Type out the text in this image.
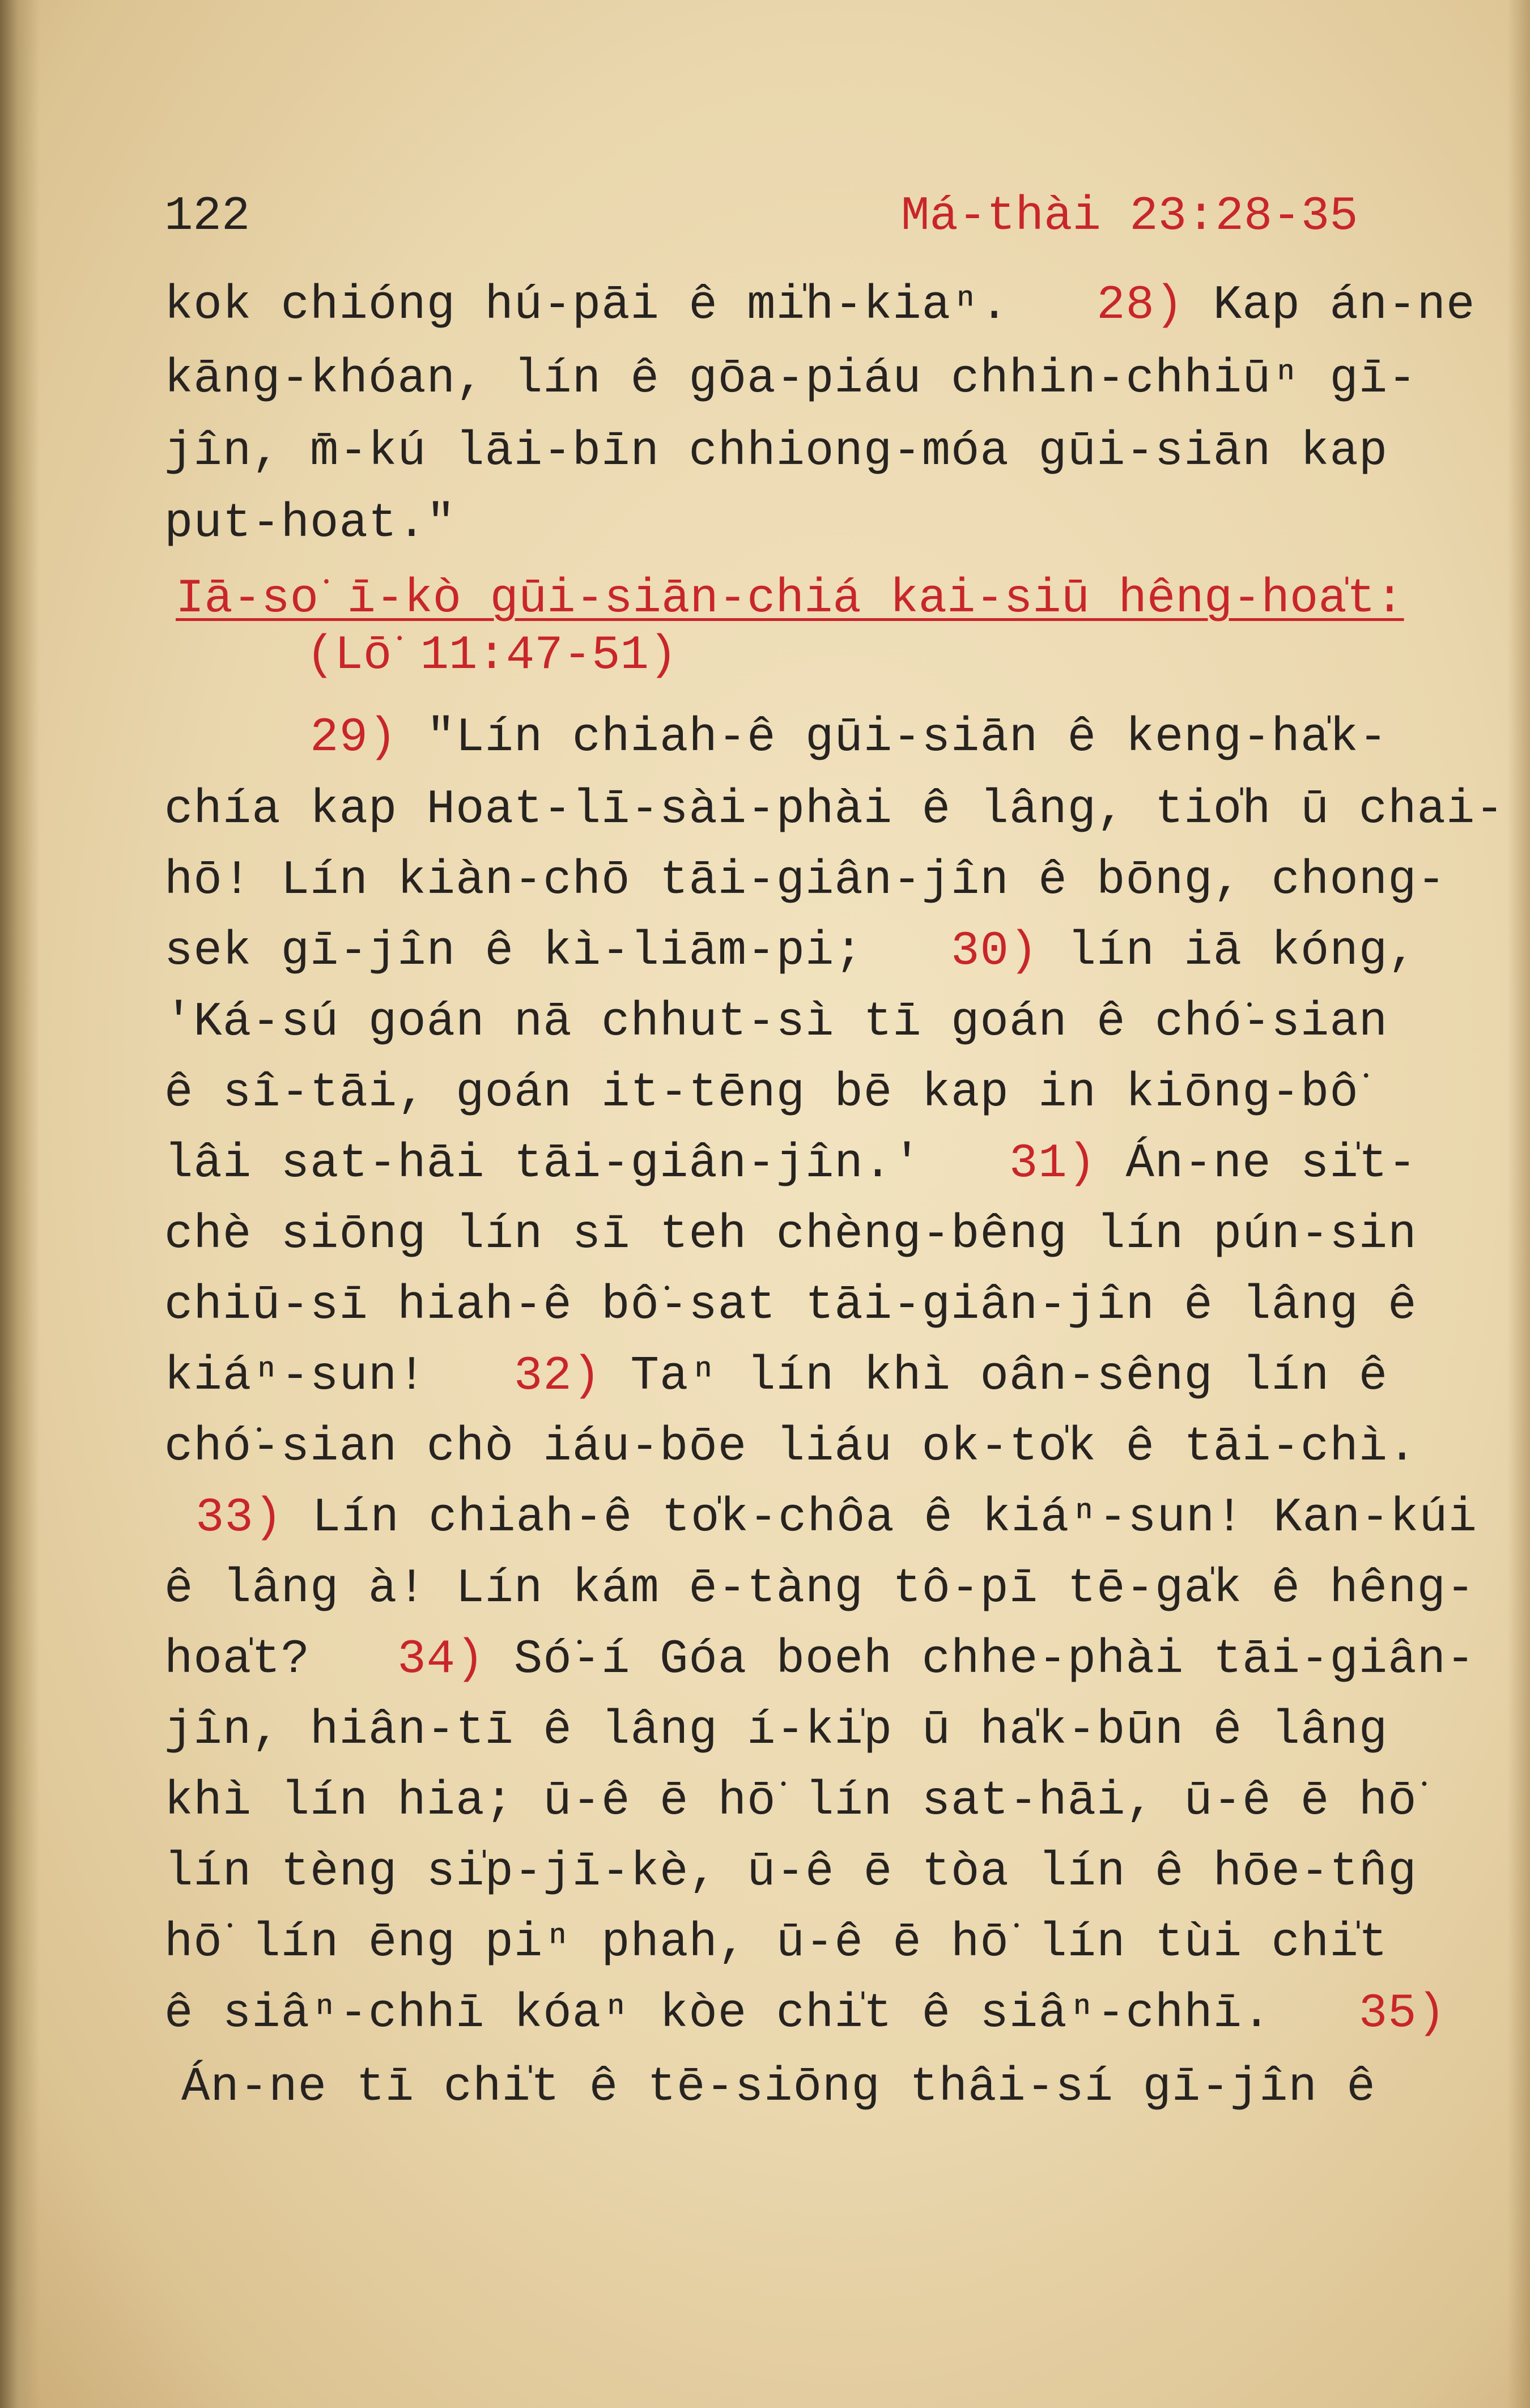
122	Má-thài 23:28-35
kok chióng hú-pāi ê mi̍h-kiaⁿ.   28) Kap án-ne
kāng-khóan, lín ê gōa-piáu chhin-chhiūⁿ gī-
jîn, m̄-kú lāi-bīn chhiong-móa gūi-siān kap
put-hoat."
29) "Lín chiah-ê gūi-siān ê keng-ha̍k-
chía kap Hoat-lī-sài-phài ê lâng, tio̍h ū chai-
hō! Lín kiàn-chō tāi-giân-jîn ê bōng, chong-
sek gī-jîn ê kì-liām-pi;   30) lín iā kóng,
'Ká-sú goán nā chhut-sì tī goán ê chó͘-sian
ê sî-tāi, goán it-tēng bē kap in kiōng-bô͘
lâi sat-hāi tāi-giân-jîn.'   31) Án-ne si̍t-
chè siōng lín sī teh chèng-bêng lín pún-sin
chiū-sī hiah-ê bô͘-sat tāi-giân-jîn ê lâng ê
kiáⁿ-sun!   32) Taⁿ lín khì oân-sêng lín ê
chó͘-sian chò iáu-bōe liáu ok-to̍k ê tāi-chì.
33) Lín chiah-ê to̍k-chôa ê kiáⁿ-sun! Kan-kúi
ê lâng à! Lín kám ē-tàng tô-pī tē-ga̍k ê hêng-
hoa̍t?   34) Só͘-í Góa boeh chhe-phài tāi-giân-
jîn, hiân-tī ê lâng í-ki̍p ū ha̍k-būn ê lâng
khì lín hia; ū-ê ē hō͘ lín sat-hāi, ū-ê ē hō͘
lín tèng si̍p-jī-kè, ū-ê ē tòa lín ê hōe-tn̂g
hō͘ lín ēng piⁿ phah, ū-ê ē hō͘ lín tùi chi̍t
ê siâⁿ-chhī kóaⁿ kòe chi̍t ê siâⁿ-chhī.   35)
Án-ne tī chi̍t ê tē-siōng thâi-sí gī-jîn ê
Iā-so͘ ī-kò gūi-siān-chiá kai-siū hêng-hoa̍t:
(Lō͘ 11:47-51)
